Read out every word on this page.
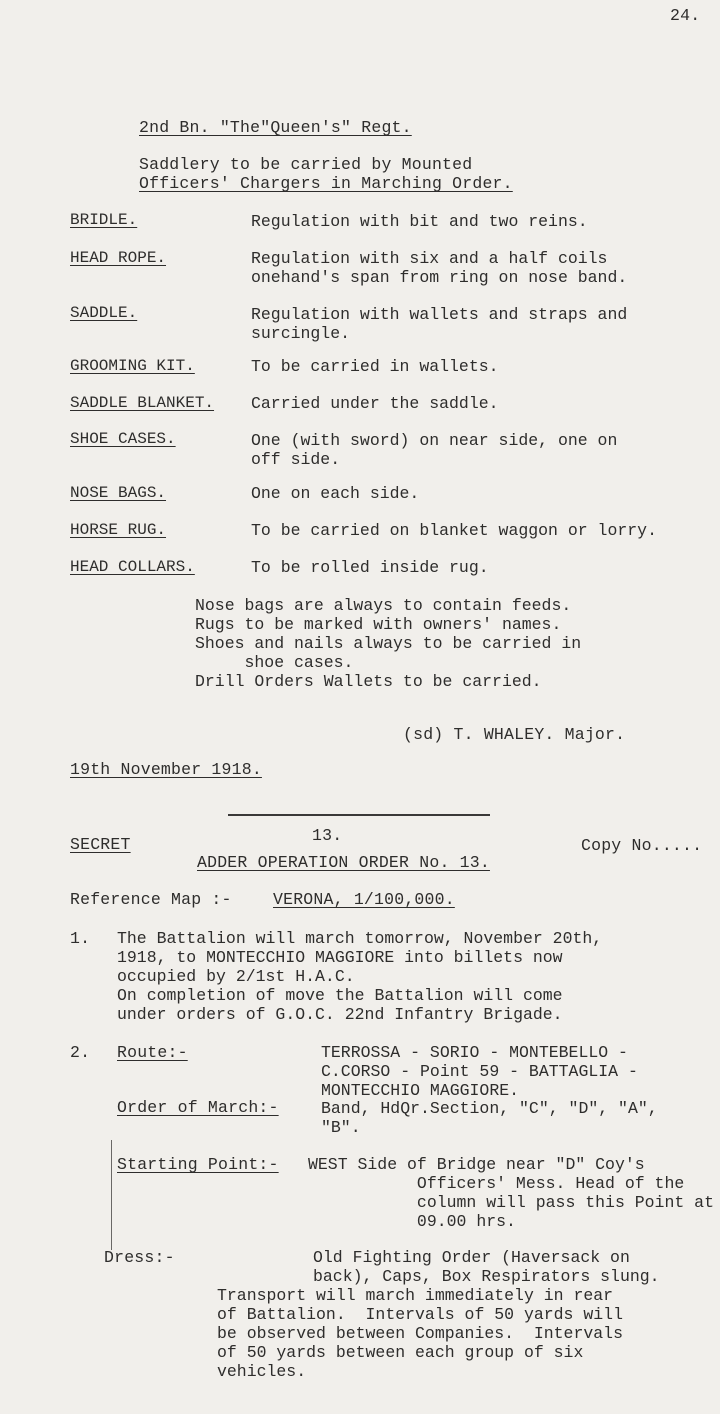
24.
2nd Bn. "The"Queen's" Regt.
Saddlery to be carried by Mounted
Officers' Chargers in Marching Order.
BRIDLE.	Regulation with bit and two reins.
HEAD ROPE.	Regulation with six and a half coils
onehand's span from ring on nose band.
SADDLE.	Regulation with wallets and straps and
surcingle.
GROOMING KIT.	To be carried in wallets.
SADDLE BLANKET. Carried under the saddle.
SHOE CASES.	One (with sword) on near side, one on
off side.
NOSE BAGS.	One on each side.
HORSE RUG.	To be carried on blanket waggon or lorry.
HEAD COLLARS.	To be rolled inside rug.
Nose bags are always to contain feeds.
Rugs to be marked with owners' names.
Shoes and nails always to be carried in
shoe cases.
Drill Orders Wallets to be carried.
(sd) T. WHALEY. Major.
19th November 1918.
13.
SECRET	Copy No.....
ADDER OPERATION ORDER No. 13.
Reference Map :-	VERONA, 1/100,000.
1. The Battalion will march tomorrow, November 20th,
1918, to MONTECCHIO MAGGIORE into billets now
occupied by 2/1st H.A.C.
On completion of move the Battalion will come
under orders of G.O.C. 22nd Infantry Brigade.
2. Route:-	TERROSSA - SORIO - MONTEBELLO -
C.CORSO - Point 59 - BATTAGLIA -
MONTECCHIO MAGGIORE.
Order of March:-	Band, HdQr.Section, "C", "D", "A",
"B".
Starting Point:- WEST Side of Bridge near "D" Coy's
Officers' Mess. Head of the
column will pass this Point at
09.00 hrs.
Dress:-	Old Fighting Order (Haversack on
back), Caps, Box Respirators slung.
Transport will march immediately in rear
of Battalion.  Intervals of 50 yards will
be observed between Companies.  Intervals
of 50 yards between each group of six
vehicles.
